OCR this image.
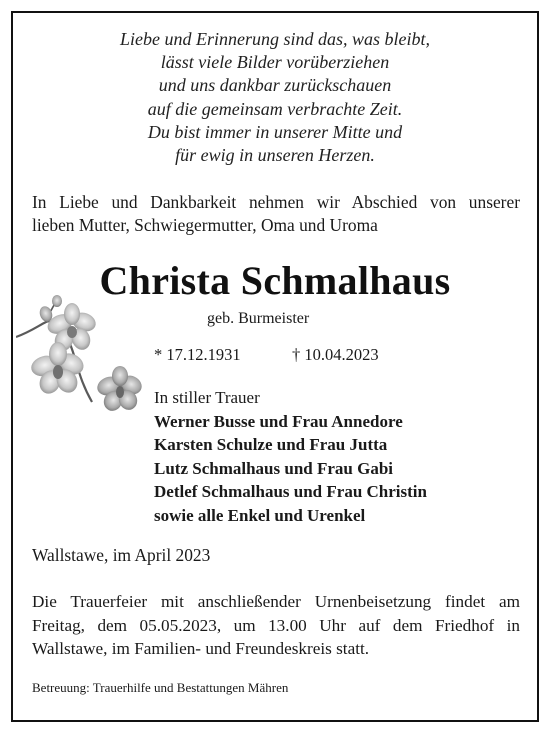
Liebe und Erinnerung sind das, was bleibt,
lässt viele Bilder vorüberziehen
und uns dankbar zurückschauen
auf die gemeinsam verbrachte Zeit.
Du bist immer in unserer Mitte und
für ewig in unseren Herzen.
In Liebe und Dankbarkeit nehmen wir Abschied von unserer
lieben Mutter, Schwiegermutter, Oma und Uroma
Christa Schmalhaus
geb. Burmeister
* 17.12.1931	† 10.04.2023
In stiller Trauer
Werner Busse und Frau Annedore
Karsten Schulze und Frau Jutta
Lutz Schmalhaus und Frau Gabi
Detlef Schmalhaus und Frau Christin
sowie alle Enkel und Urenkel
Wallstawe, im April 2023
Die Trauerfeier mit anschließender Urnenbeisetzung findet am
Freitag, dem 05.05.2023, um 13.00 Uhr auf dem Friedhof in
Wallstawe, im Familien- und Freundeskreis statt.
Betreuung: Trauerhilfe und Bestattungen Mähren
